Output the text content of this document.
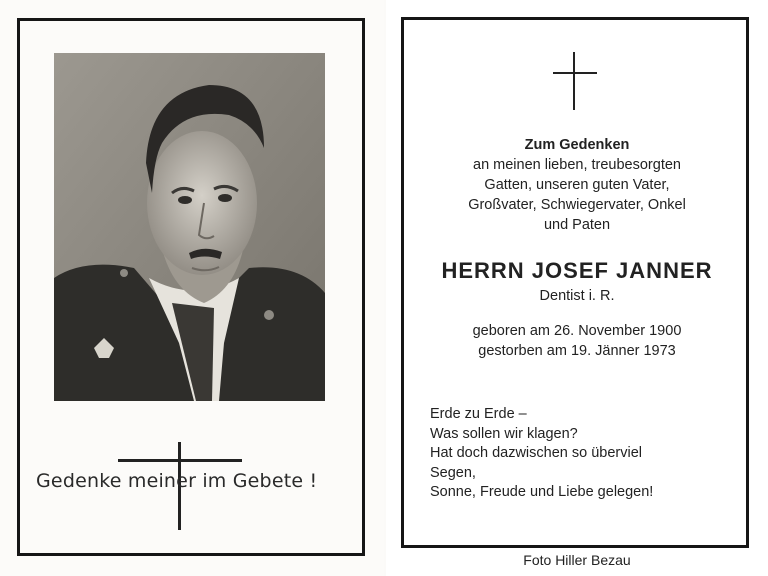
Gedenke meiner im Gebete !
Zum Gedenken
an meinen lieben, treubesorgten
Gatten, unseren guten Vater,
Großvater, Schwiegervater, Onkel
und Paten
HERRN JOSEF JANNER
Dentist i. R.
geboren am 26. November 1900
gestorben am 19. Jänner 1973
Erde zu Erde –
Was sollen wir klagen?
Hat doch dazwischen so überviel
Segen,
Sonne, Freude und Liebe gelegen!
Foto Hiller Bezau
